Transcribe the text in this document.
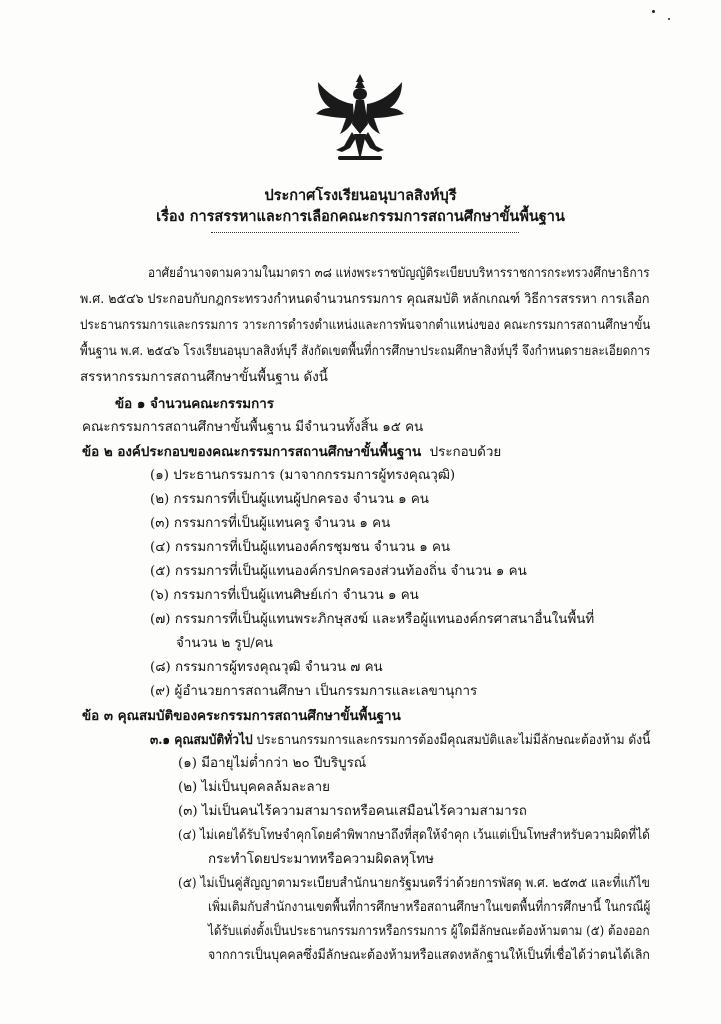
ประกาศโรงเรียนอนุบาลสิงห์บุรี
เรื่อง การสรรหาและการเลือกคณะกรรมการสถานศึกษาขั้นพื้นฐาน
อาศัยอำนาจตามความในมาตรา ๓๘ แห่งพระราชบัญญัติระเบียบบริหารราชการกระทรวงศึกษาธิการ
พ.ศ. ๒๕๔๖ ประกอบกับกฎกระทรวงกำหนดจำนวนกรรมการ คุณสมบัติ หลักเกณฑ์ วิธีการสรรหา การเลือก
ประธานกรรมการและกรรมการ วาระการดำรงตำแหน่งและการพ้นจากตำแหน่งของ คณะกรรมการสถานศึกษาขั้น
พื้นฐาน พ.ศ. ๒๕๔๖ โรงเรียนอนุบาลสิงห์บุรี สังกัดเขตพื้นที่การศึกษาประถมศึกษาสิงห์บุรี จึงกำหนดรายละเอียดการ
สรรหากรรมการสถานศึกษาขั้นพื้นฐาน ดังนี้
ข้อ ๑ จำนวนคณะกรรมการ
คณะกรรมการสถานศึกษาขั้นพื้นฐาน มีจำนวนทั้งสิ้น ๑๕ คน
ข้อ ๒ องค์ประกอบของคณะกรรมการสถานศึกษาขั้นพื้นฐาน ประกอบด้วย
(๑) ประธานกรรมการ (มาจากกรรมการผู้ทรงคุณวุฒิ)
(๒) กรรมการที่เป็นผู้แทนผู้ปกครอง จำนวน ๑ คน
(๓) กรรมการที่เป็นผู้แทนครู จำนวน ๑ คน
(๔) กรรมการที่เป็นผู้แทนองค์กรชุมชน จำนวน ๑ คน
(๕) กรรมการที่เป็นผู้แทนองค์กรปกครองส่วนท้องถิ่น จำนวน ๑ คน
(๖) กรรมการที่เป็นผู้แทนศิษย์เก่า จำนวน ๑ คน
(๗) กรรมการที่เป็นผู้แทนพระภิกษุสงฆ์ และหรือผู้แทนองค์กรศาสนาอื่นในพื้นที่
จำนวน ๒ รูป/คน
(๘) กรรมการผู้ทรงคุณวุฒิ จำนวน ๗ คน
(๙) ผู้อำนวยการสถานศึกษา เป็นกรรมการและเลขานุการ
ข้อ ๓ คุณสมบัติของคระกรรมการสถานศึกษาขั้นพื้นฐาน
๓.๑ คุณสมบัติทั่วไป ประธานกรรมการและกรรมการต้องมีคุณสมบัติและไม่มีลักษณะต้องห้าม ดังนี้
(๑) มีอายุไม่ต่ำกว่า ๒๐ ปีบริบูรณ์
(๒) ไม่เป็นบุคคลล้มละลาย
(๓) ไม่เป็นคนไร้ความสามารถหรือคนเสมือนไร้ความสามารถ
(๔) ไม่เคยได้รับโทษจำคุกโดยคำพิพากษาถึงที่สุดให้จำคุก เว้นแต่เป็นโทษสำหรับความผิดที่ได้
กระทำโดยประมาทหรือความผิดลหุโทษ
(๕) ไม่เป็นคู่สัญญาตามระเบียบสำนักนายกรัฐมนตรีว่าด้วยการพัสดุ พ.ศ. ๒๕๓๕ และที่แก้ไข
เพิ่มเติมกับสำนักงานเขตพื้นที่การศึกษาหรือสถานศึกษาในเขตพื้นที่การศึกษานี้ ในกรณีผู้
ได้รับแต่งตั้งเป็นประธานกรรมการหรือกรรมการ ผู้ใดมีลักษณะต้องห้ามตาม (๕) ต้องออก
จากการเป็นบุคคลซึ่งมีลักษณะต้องห้ามหรือแสดงหลักฐานให้เป็นที่เชื่อได้ว่าตนได้เลิก
